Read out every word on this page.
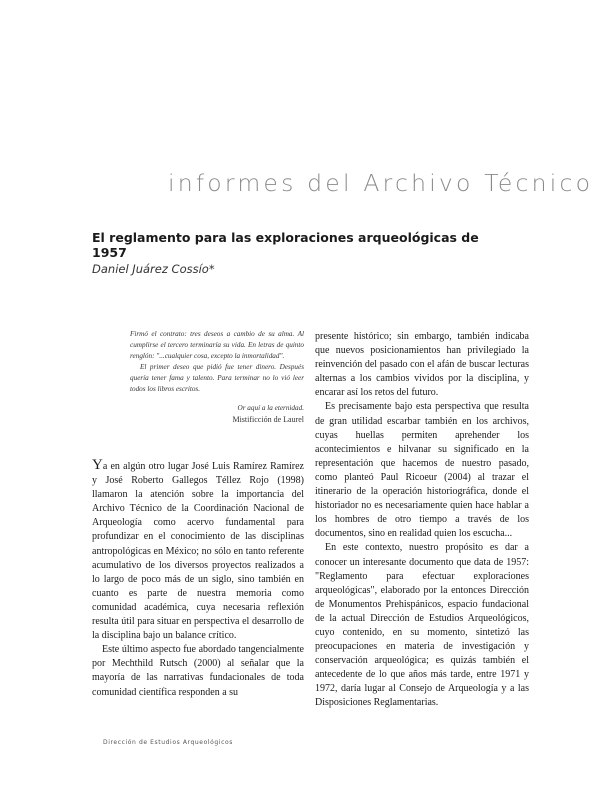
informes del Archivo Técnico
El reglamento para las exploraciones arqueológicas de 1957
Daniel Juárez Cossío*

Firmó el contrato: tres deseos a cambio de su alma. Al cumplirse el tercero terminaría su vida. En letras de quinto renglón: "...cualquier cosa, excepto la inmortalidad".

El primer deseo que pidió fue tener dinero. Después quería tener fama y talento. Para terminar no lo vió leer todos los libros escritos.

Or aquí a la eternidad.

Mistificción de Laurel

Ya en algún otro lugar José Luis Ramírez Ramírez y José Roberto Gallegos Téllez Rojo (1998) llamaron la atención sobre la importancia del Archivo Técnico de la Coordinación Nacional de Arqueología como acervo fundamental para profundizar en el conocimiento de las disciplinas antropológicas en México; no sólo en tanto referente acumulativo de los diversos proyectos realizados a lo largo de poco más de un siglo, sino también en cuanto es parte de nuestra memoria como comunidad académica, cuya necesaria reflexión resulta útil para situar en perspectiva el desarrollo de la disciplina bajo un balance crítico.

Este último aspecto fue abordado tangencialmente por Mechthild Rutsch (2000) al señalar que la mayoría de las narrativas fundacionales de toda comunidad científica responden a su

presente histórico; sin embargo, también indicaba que nuevos posicionamientos han privilegiado la reinvención del pasado con el afán de buscar lecturas alternas a los cambios vividos por la disciplina, y encarar así los retos del futuro.

Es precisamente bajo esta perspectiva que resulta de gran utilidad escarbar también en los archivos, cuyas huellas permiten aprehender los acontecimientos e hilvanar su significado en la representación que hacemos de nuestro pasado, como planteó Paul Ricoeur (2004) al trazar el itinerario de la operación historiográfica, donde el historiador no es necesariamente quien hace hablar a los hombres de otro tiempo a través de los documentos, sino en realidad quien los escucha...

En este contexto, nuestro propósito es dar a conocer un interesante documento que data de 1957: "Reglamento para efectuar exploraciones arqueológicas", elaborado por la entonces Dirección de Monumentos Prehispánicos, espacio fundacional de la actual Dirección de Estudios Arqueológicos, cuyo contenido, en su momento, sintetizó las preocupaciones en materia de investigación y conservación arqueológica; es quizás también el antecedente de lo que años más tarde, entre 1971 y 1972, daría lugar al Consejo de Arqueología y a las Disposiciones Reglamentarias.

Dirección de Estudios Arqueológicos
